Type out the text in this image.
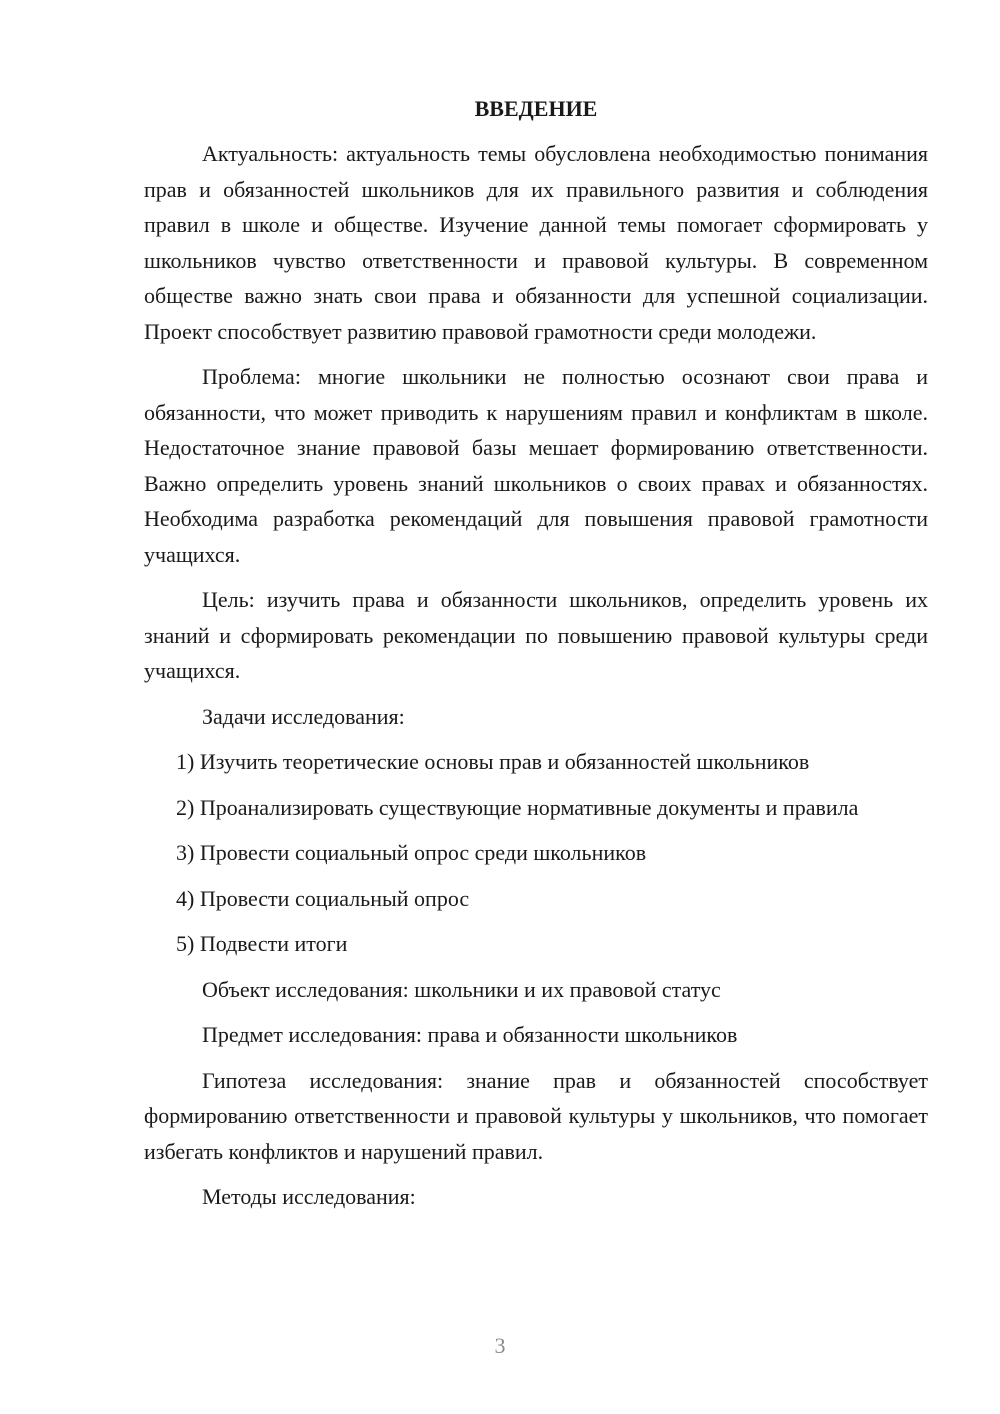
ВВЕДЕНИЕ

Актуальность: актуальность темы обусловлена необходимостью понимания прав и обязанностей школьников для их правильного развития и соблюдения правил в школе и обществе. Изучение данной темы помогает сформировать у школьников чувство ответственности и правовой культуры. В современном обществе важно знать свои права и обязанности для успешной социализации. Проект способствует развитию правовой грамотности среди молодежи.

Проблема: многие школьники не полностью осознают свои права и обязанности, что может приводить к нарушениям правил и конфликтам в школе. Недостаточное знание правовой базы мешает формированию ответственности. Важно определить уровень знаний школьников о своих правах и обязанностях. Необходима разработка рекомендаций для повышения правовой грамотности учащихся.

Цель: изучить права и обязанности школьников, определить уровень их знаний и сформировать рекомендации по повышению правовой культуры среди учащихся.

Задачи исследования:

1) Изучить теоретические основы прав и обязанностей школьников

2) Проанализировать существующие нормативные документы и правила

3) Провести социальный опрос среди школьников

4) Провести социальный опрос

5) Подвести итоги

Объект исследования: школьники и их правовой статус

Предмет исследования: права и обязанности школьников

Гипотеза исследования: знание прав и обязанностей способствует формированию ответственности и правовой культуры у школьников, что помогает избегать конфликтов и нарушений правил.

Методы исследования:

3
